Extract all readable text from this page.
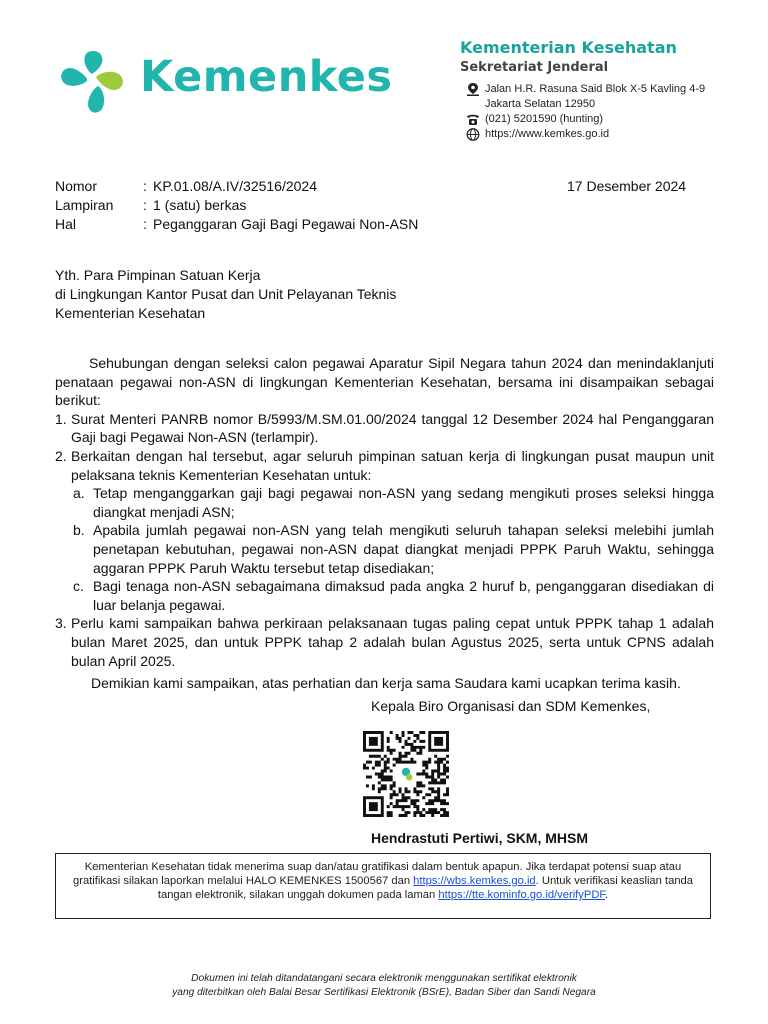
Kemenkes
Kementerian Kesehatan
Sekretariat Jenderal
Jalan H.R. Rasuna Said Blok X-5 Kavling 4-9
Jakarta Selatan 12950
(021) 5201590 (hunting)
https://www.kemkes.go.id
Nomor	:	KP.01.08/A.IV/32516/2024
Lampiran	:	1 (satu) berkas
Hal	:	Peganggaran Gaji Bagi Pegawai Non-ASN
17 Desember 2024
Yth. Para Pimpinan Satuan Kerja
di Lingkungan Kantor Pusat dan Unit Pelayanan Teknis
Kementerian Kesehatan

Sehubungan dengan seleksi calon pegawai Aparatur Sipil Negara tahun 2024 dan menindaklanjuti penataan pegawai non-ASN di lingkungan Kementerian Kesehatan, bersama ini disampaikan sebagai berikut:

1. Surat Menteri PANRB nomor B/5993/M.SM.01.00/2024 tanggal 12 Desember 2024 hal Penganggaran Gaji bagi Pegawai Non-ASN (terlampir).
2. Berkaitan dengan hal tersebut, agar seluruh pimpinan satuan kerja di lingkungan pusat maupun unit pelaksana teknis Kementerian Kesehatan untuk:
a. Tetap menganggarkan gaji bagi pegawai non-ASN yang sedang mengikuti proses seleksi hingga diangkat menjadi ASN;
b. Apabila jumlah pegawai non-ASN yang telah mengikuti seluruh tahapan seleksi melebihi jumlah penetapan kebutuhan, pegawai non-ASN dapat diangkat menjadi PPPK Paruh Waktu, sehingga aggaran PPPK Paruh Waktu tersebut tetap disediakan;
c. Bagi tenaga non-ASN sebagaimana dimaksud pada angka 2 huruf b, penganggaran disediakan di luar belanja pegawai.
3. Perlu kami sampaikan bahwa perkiraan pelaksanaan tugas paling cepat untuk PPPK tahap 1 adalah bulan Maret 2025, dan untuk PPPK tahap 2 adalah bulan Agustus 2025, serta untuk CPNS adalah bulan April 2025.

Demikian kami sampaikan, atas perhatian dan kerja sama Saudara kami ucapkan terima kasih.

Kepala Biro Organisasi dan SDM Kemenkes,
Hendrastuti Pertiwi, SKM, MHSM
Kementerian Kesehatan tidak menerima suap dan/atau gratifikasi dalam bentuk apapun. Jika terdapat potensi suap atau gratifikasi silakan laporkan melalui HALO KEMENKES 1500567 dan https://wbs.kemkes.go.id. Untuk verifikasi keaslian tanda tangan elektronik, silakan unggah dokumen pada laman https://tte.kominfo.go.id/verifyPDF.
Dokumen ini telah ditandatangani secara elektronik menggunakan sertifikat elektronik
yang diterbitkan oleh Balai Besar Sertifikasi Elektronik (BSrE), Badan Siber dan Sandi Negara
